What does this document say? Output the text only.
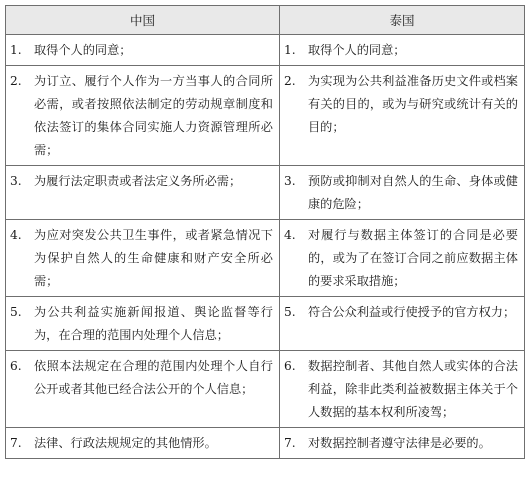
中国	泰国

1. 取得个人的同意；	1. 取得个人的同意；

2. 为订立、履行个人作为一方当事人的合同所必需，或者按照依法制定的劳动规章制度和依法签订的集体合同实施人力资源管理所必需；	2. 为实现为公共利益准备历史文件或档案有关的目的，或为与研究或统计有关的目的；

3. 为履行法定职责或者法定义务所必需；	3. 预防或抑制对自然人的生命、身体或健康的危险；

4. 为应对突发公共卫生事件，或者紧急情况下为保护自然人的生命健康和财产安全所必需；	4. 对履行与数据主体签订的合同是必要的，或为了在签订合同之前应数据主体的要求采取措施；

5. 为公共利益实施新闻报道、舆论监督等行为，在合理的范围内处理个人信息；	5. 符合公众利益或行使授予的官方权力；

6. 依照本法规定在合理的范围内处理个人自行公开或者其他已经合法公开的个人信息；	6. 数据控制者、其他自然人或实体的合法利益，除非此类利益被数据主体关于个人数据的基本权利所凌驾；

7. 法律、行政法规规定的其他情形。	7. 对数据控制者遵守法律是必要的。
